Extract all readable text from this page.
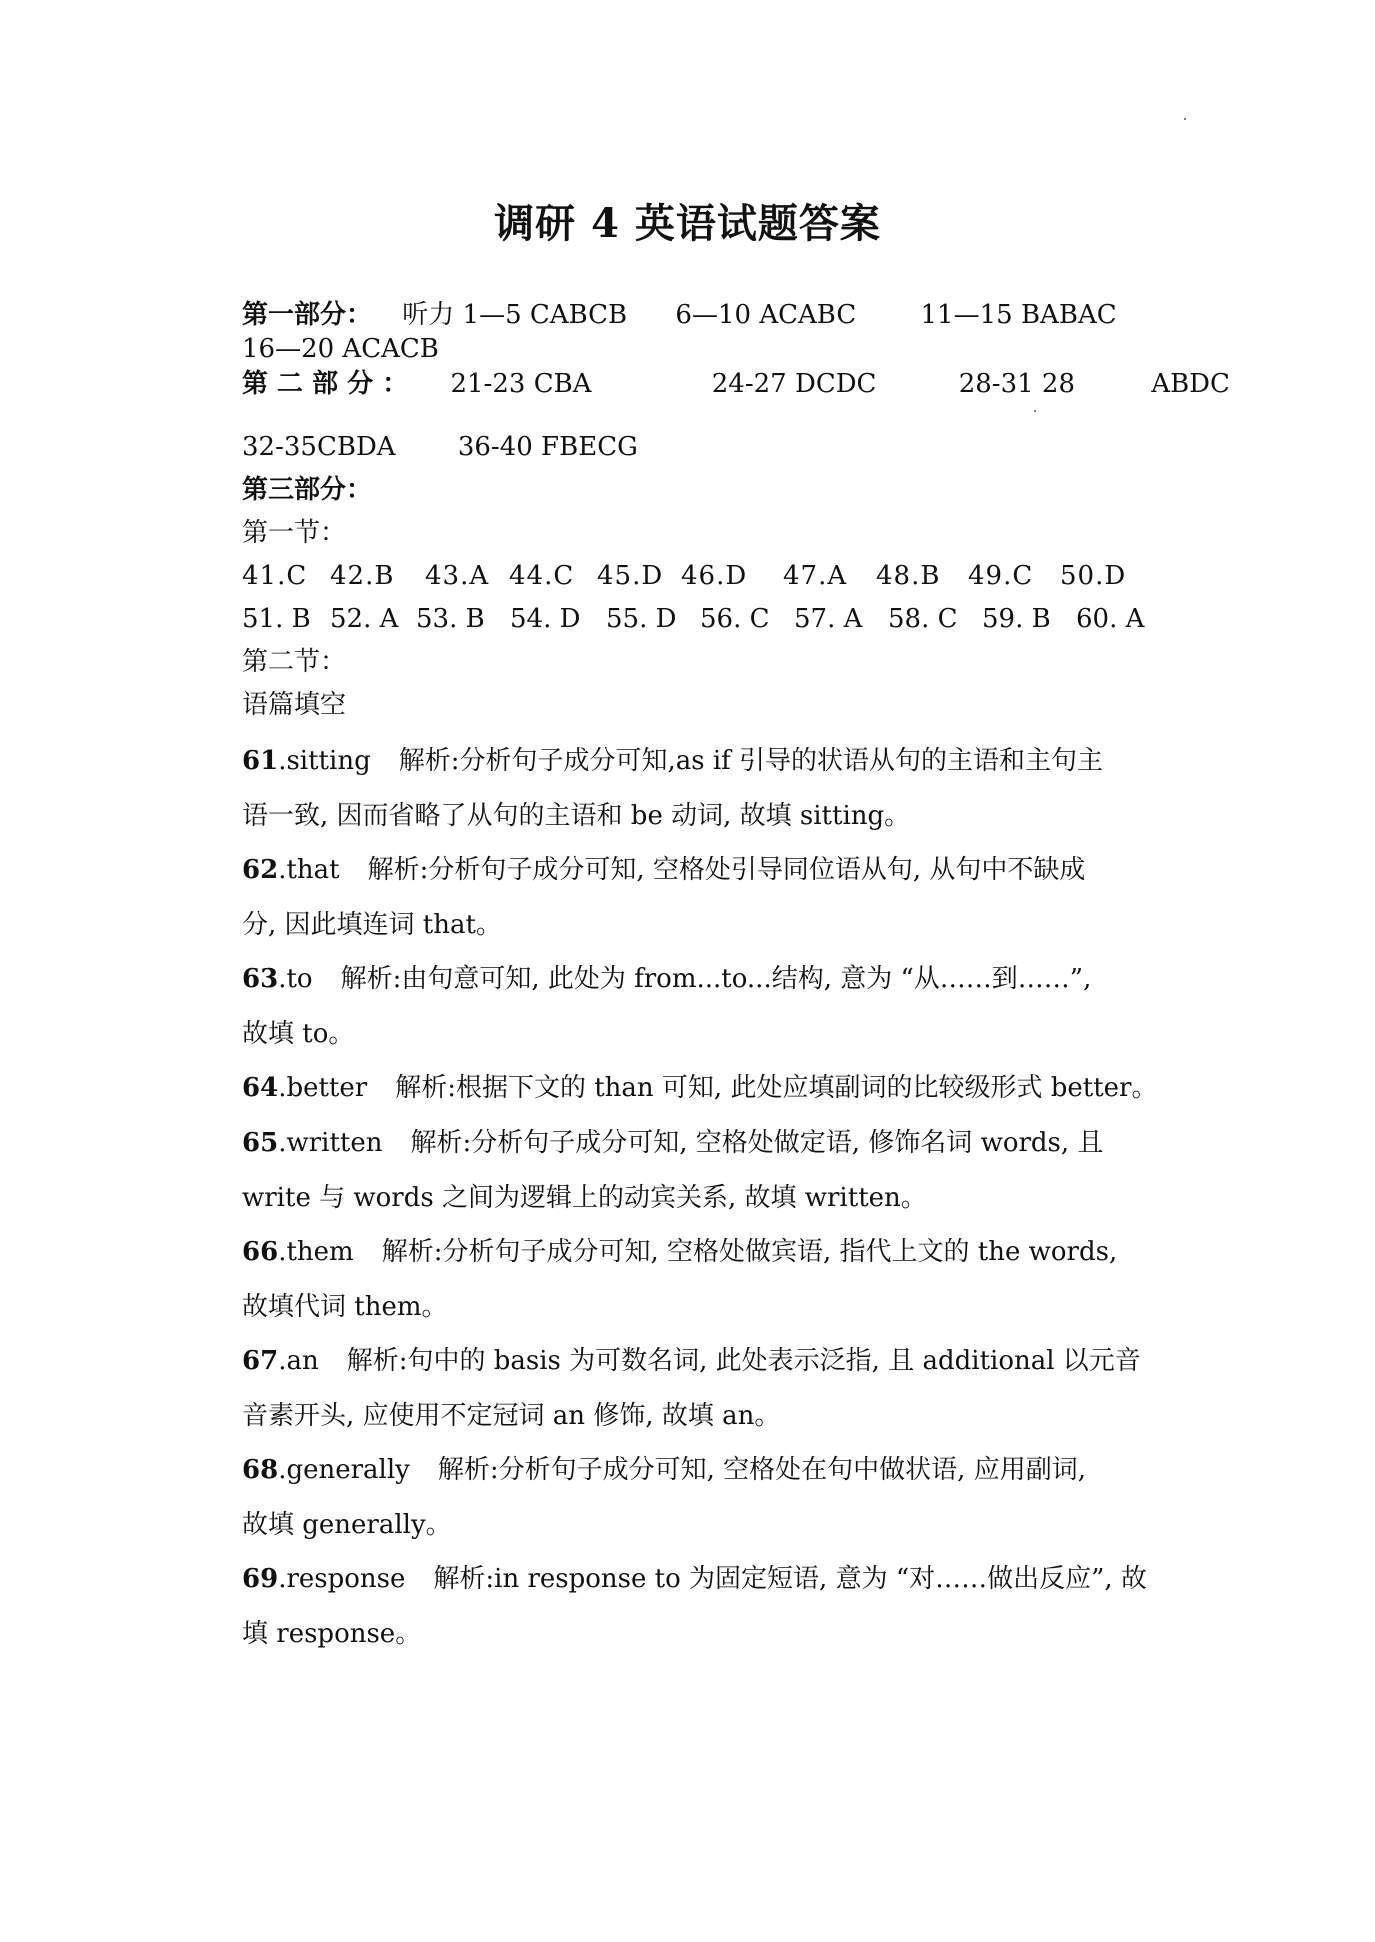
调研 4 英语试题答案
第一部分： 听力 1—5 CABCB 6—10 ACABC 11—15 BABAC
16—20 ACACB
第 二 部 分 ： 21-23 CBA	24-27 DCDC	28-31 28	ABDC
32-35CBDA 36-40 FBECG
第三部分：
第一节：
41.C 42.B 43.A 44.C 45.D 46.D 47.A 48.B 49.C 50.D
51. B 52. A 53. B 54. D 55. D 56. C 57. A 58. C 59. B 60. A
第二节：
语篇填空
61.sitting 解析:分析句子成分可知,as if 引导的状语从句的主语和主句主
语一致, 因而省略了从句的主语和 be 动词, 故填 sitting。
62.that 解析:分析句子成分可知, 空格处引导同位语从句, 从句中不缺成
分, 因此填连词 that。
63.to 解析:由句意可知, 此处为 from...to...结构, 意为 “从……到……”,
故填 to。
64.better 解析:根据下文的 than 可知, 此处应填副词的比较级形式 better。
65.written 解析:分析句子成分可知, 空格处做定语, 修饰名词 words, 且
write 与 words 之间为逻辑上的动宾关系, 故填 written。
66.them 解析:分析句子成分可知, 空格处做宾语, 指代上文的 the words,
故填代词 them。
67.an 解析:句中的 basis 为可数名词, 此处表示泛指, 且 additional 以元音
音素开头, 应使用不定冠词 an 修饰, 故填 an。
68.generally 解析:分析句子成分可知, 空格处在句中做状语, 应用副词,
故填 generally。
69.response 解析:in response to 为固定短语, 意为 “对……做出反应”, 故
填 response。
